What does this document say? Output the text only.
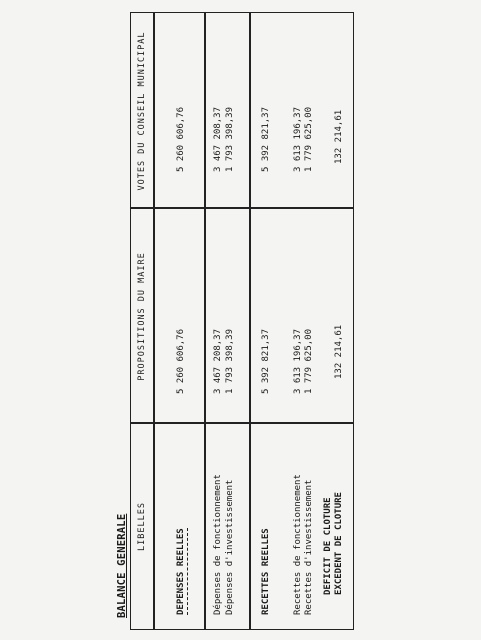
BALANCE GENERALE LIBELLES
PROPOSITIONS DU MAIRE
VOTES DU CONSEIL MUNICIPAL
DEPENSES REELLES
5 260 606,76
5 260 606,76
Dépenses de fonctionnement
3 467 208,37
3 467 208,37
Dépenses d'investissement
1 793 398,39
1 793 398,39
RECETTES REELLES
5 392 821,37
5 392 821,37
Recettes de fonctionnement
3 613 196,37
3 613 196,37
Recettes d'investissement
1 779 625,00
1 779 625,00
DEFICIT DE CLOTURE EXCEDENT DE CLOTURE
132 214,61
132 214,61
